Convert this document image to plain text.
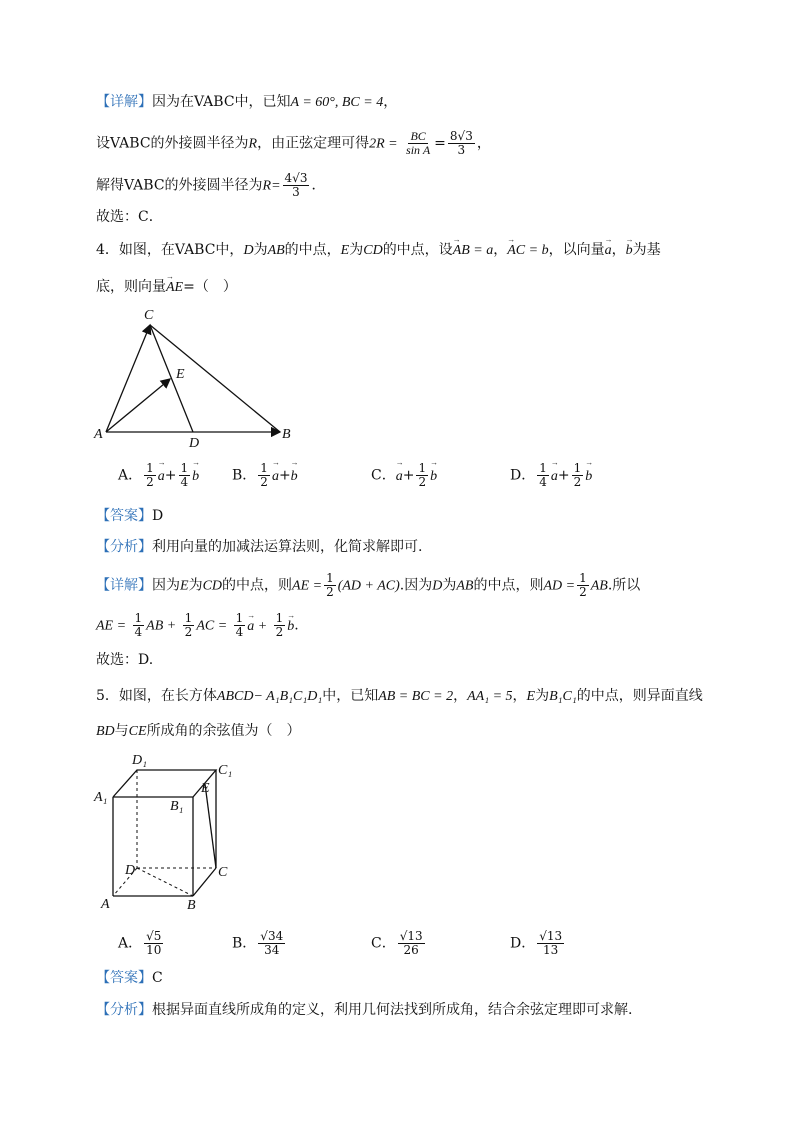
【详解】因为在VABC中，已知A = 60°, BC = 4，
设VABC的外接圆半径为R，由正弦定理可得$2R = \frac{BC}{\text{sin A}} = \frac{8√3}{3}$ ，
解得VABC的外接圆半径为$R= \frac{4√3}{3}$ ．
故选：C．
4．如图，在VABC中，D为AB的中点，E为CD的中点，设→ AB = a，→ AC = b，以向量→ a，→ b为基
底，则向量→ AE=（　）
C
E
A
D
B
A． $\frac{1}{2}$
→ $a+ \frac{1}{4}$
→ b B． $\frac{1}{2}$
→ a+→ b	C．→ $a+ \frac{1}{2}$
→ b	D． $\frac{1}{4}$
→ $a+ \frac{1}{2}$
→ b
【答案】D
【分析】利用向量的加减法运算法则，化简求解即可.
【详解】因为E为CD的中点，则AE = $\frac{1}{2} (AD + AC)$.因为D为AB的中点，则AD = $\frac{1}{2}$ AB.所以
AE = $\frac{1}{4}$ AB + $\frac{1}{2}$ AC = $\frac{1}{4}$
→ $a + \frac{1}{2}$
→ b.
故选：D.
5．如图，在长方体ABCD− A₁B₁C₁D₁中，已知AB = BC = 2，AA₁ = 5，E为B₁C₁的中点，则异面直线
BD与CE所成角的余弦值为（　）
D₁
C₁
A₁
E
B₁
D	C
A	B
A． $\frac{√5}{10}$	B． $\frac{√34}{34}$	C． $\frac{√13}{26}$	D． $\frac{√13}{13}$
【答案】C
【分析】根据异面直线所成角的定义，利用几何法找到所成角，结合余弦定理即可求解.
